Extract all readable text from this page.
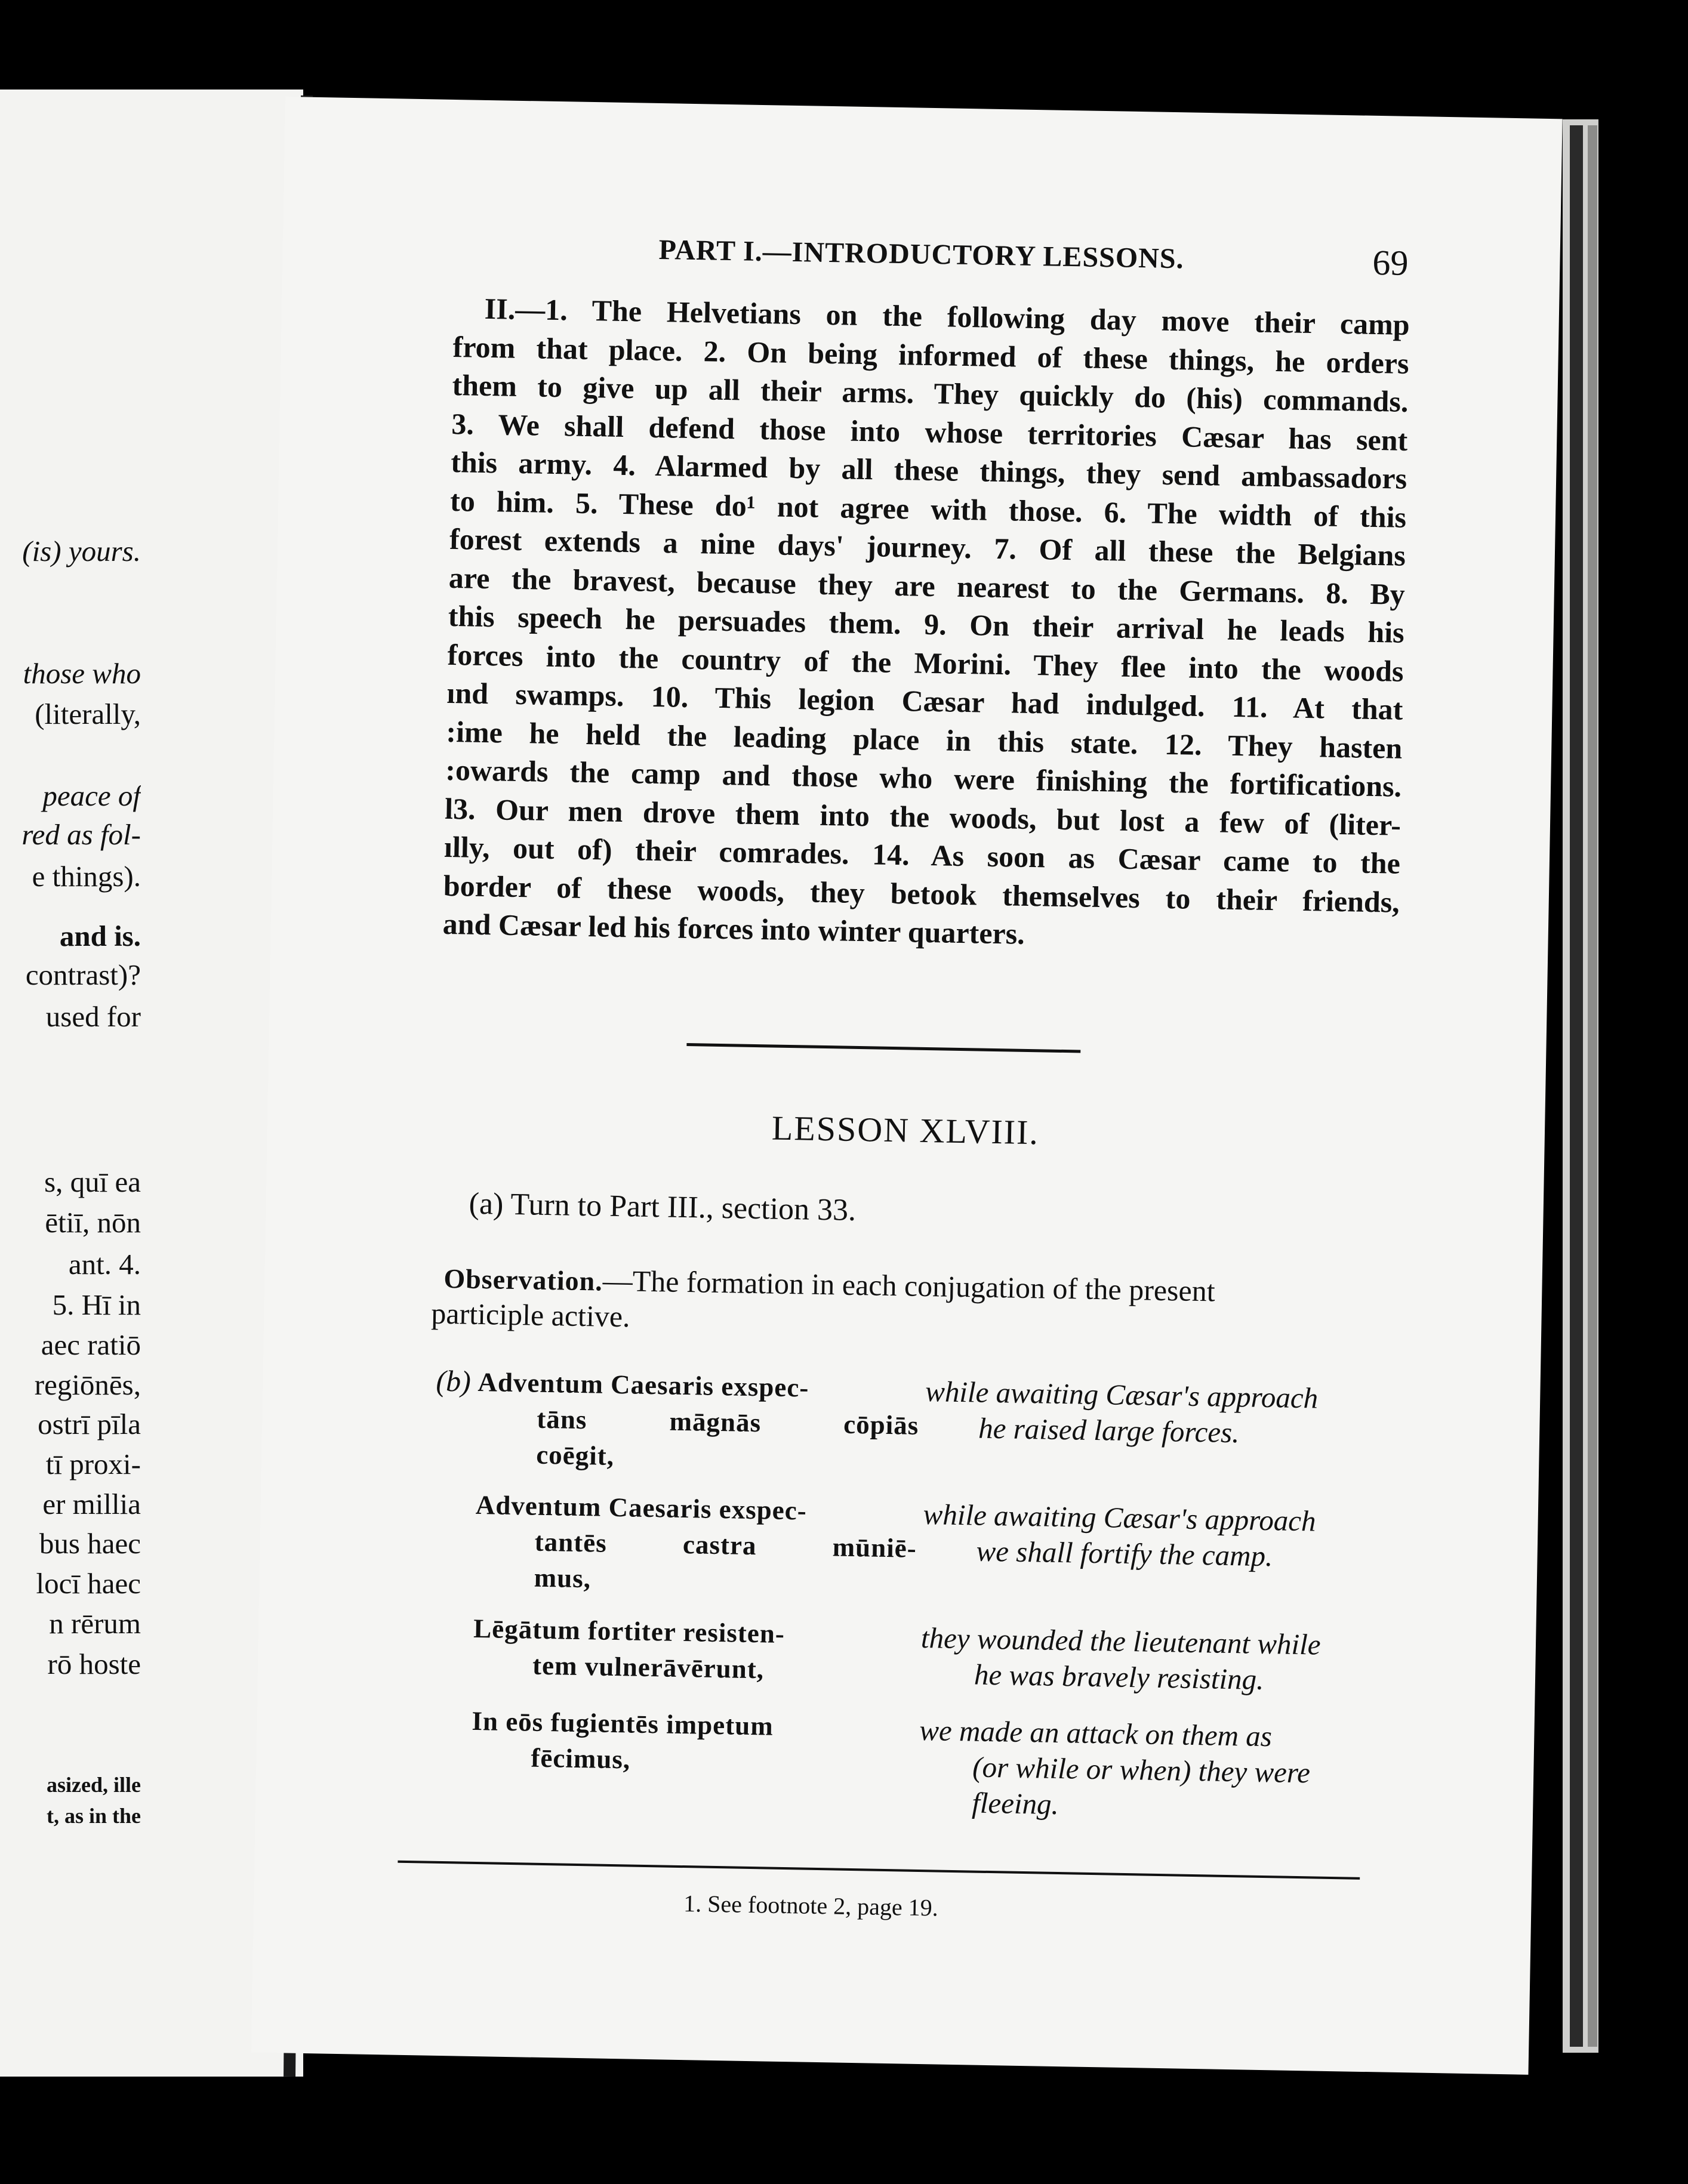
(is) yours.
those who
(literally,
peace of
red as fol-
e things).
and is.
contrast)?
used for
s, quī ea
ētiī, nōn
ant. 4.
5. Hī in
aec ratiō
regiōnēs,
ostrī pīla
tī proxi-
er millia
bus haec
locī haec
n rērum
rō hoste
asized, ille
t, as in the
PART I.—INTRODUCTORY LESSONS.	69
II.—1. The Helvetians on the following day move their camp
from that place. 2. On being informed of these things, he orders
them to give up all their arms. They quickly do (his) commands.
3. We shall defend those into whose territories Cæsar has sent
this army. 4. Alarmed by all these things, they send ambassadors
to him. 5. These do¹ not agree with those. 6. The width of this
forest extends a nine days' journey. 7. Of all these the Belgians
are the bravest, because they are nearest to the Germans. 8. By
this speech he persuades them. 9. On their arrival he leads his
forces into the country of the Morini. They flee into the woods
ınd swamps. 10. This legion Cæsar had indulged. 11. At that
:ime he held the leading place in this state. 12. They hasten
:owards the camp and those who were finishing the fortifications.
l3. Our men drove them into the woods, but lost a few of (liter-
ılly, out of) their comrades. 14. As soon as Cæsar came to the
border of these woods, they betook themselves to their friends,
and Cæsar led his forces into winter quarters.
LESSON XLVIII.
(a) Turn to Part III., section 33.
Observation.—The formation in each conjugation of the present
participle active.
(b) Adventum Caesaris exspec-
tāns māgnās cōpiās
coēgit,
while awaiting Cæsar's approach
he raised large forces.
Adventum Caesaris exspec-
tantēs castra mūniē-
mus,
while awaiting Cæsar's approach
we shall fortify the camp.
Lēgātum fortiter resisten-
tem vulnerāvērunt,
they wounded the lieutenant while
he was bravely resisting.
In eōs fugientēs impetum
fēcimus,
we made an attack on them as
(or while or when) they were
fleeing.
1. See footnote 2, page 19.
